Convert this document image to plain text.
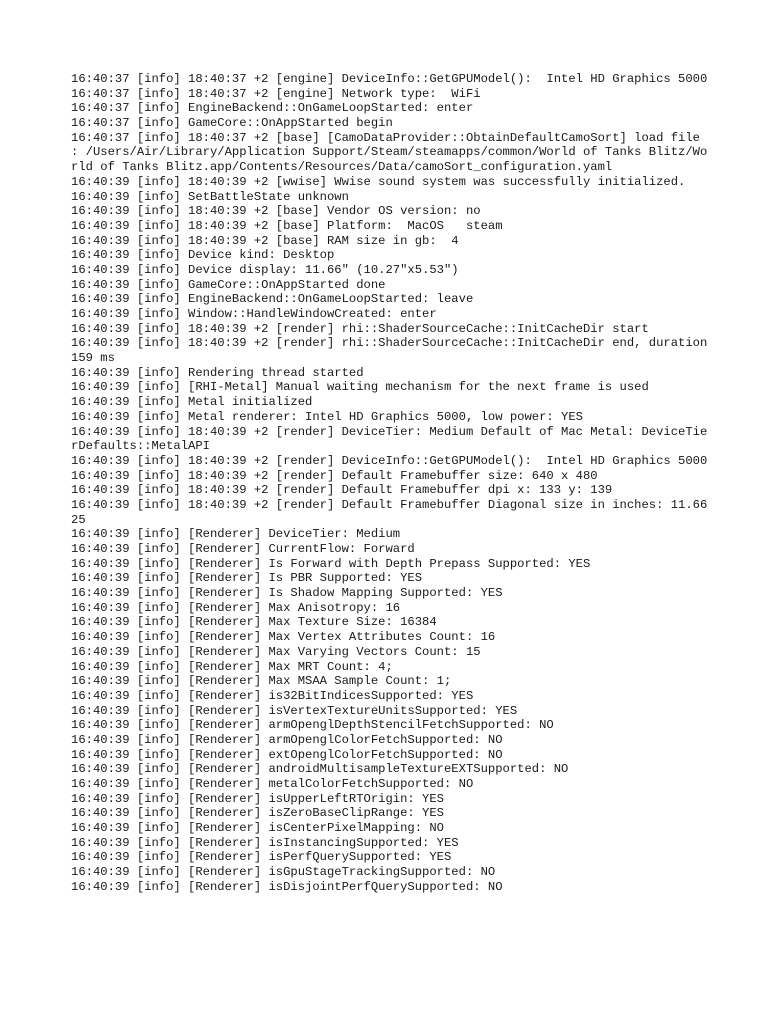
16:40:37 [info] 18:40:37 +2 [engine] DeviceInfo::GetGPUModel():  Intel HD Graphics 5000
16:40:37 [info] 18:40:37 +2 [engine] Network type:  WiFi
16:40:37 [info] EngineBackend::OnGameLoopStarted: enter
16:40:37 [info] GameCore::OnAppStarted begin
16:40:37 [info] 18:40:37 +2 [base] [CamoDataProvider::ObtainDefaultCamoSort] load file : /Users/Air/Library/Application Support/Steam/steamapps/common/World of Tanks Blitz/World of Tanks Blitz.app/Contents/Resources/Data/camoSort_configuration.yaml
16:40:39 [info] 18:40:39 +2 [wwise] Wwise sound system was successfully initialized.
16:40:39 [info] SetBattleState unknown
16:40:39 [info] 18:40:39 +2 [base] Vendor OS version: no
16:40:39 [info] 18:40:39 +2 [base] Platform:  MacOS   steam
16:40:39 [info] 18:40:39 +2 [base] RAM size in gb:  4
16:40:39 [info] Device kind: Desktop
16:40:39 [info] Device display: 11.66" (10.27"x5.53")
16:40:39 [info] GameCore::OnAppStarted done
16:40:39 [info] EngineBackend::OnGameLoopStarted: leave
16:40:39 [info] Window::HandleWindowCreated: enter
16:40:39 [info] 18:40:39 +2 [render] rhi::ShaderSourceCache::InitCacheDir start
16:40:39 [info] 18:40:39 +2 [render] rhi::ShaderSourceCache::InitCacheDir end, duration 159 ms
16:40:39 [info] Rendering thread started
16:40:39 [info] [RHI-Metal] Manual waiting mechanism for the next frame is used
16:40:39 [info] Metal initialized
16:40:39 [info] Metal renderer: Intel HD Graphics 5000, low power: YES
16:40:39 [info] 18:40:39 +2 [render] DeviceTier: Medium Default of Mac Metal: DeviceTierDefaults::MetalAPI
16:40:39 [info] 18:40:39 +2 [render] DeviceInfo::GetGPUModel():  Intel HD Graphics 5000
16:40:39 [info] 18:40:39 +2 [render] Default Framebuffer size: 640 x 480
16:40:39 [info] 18:40:39 +2 [render] Default Framebuffer dpi x: 133 y: 139
16:40:39 [info] 18:40:39 +2 [render] Default Framebuffer Diagonal size in inches: 11.6625
16:40:39 [info] [Renderer] DeviceTier: Medium
16:40:39 [info] [Renderer] CurrentFlow: Forward
16:40:39 [info] [Renderer] Is Forward with Depth Prepass Supported: YES
16:40:39 [info] [Renderer] Is PBR Supported: YES
16:40:39 [info] [Renderer] Is Shadow Mapping Supported: YES
16:40:39 [info] [Renderer] Max Anisotropy: 16
16:40:39 [info] [Renderer] Max Texture Size: 16384
16:40:39 [info] [Renderer] Max Vertex Attributes Count: 16
16:40:39 [info] [Renderer] Max Varying Vectors Count: 15
16:40:39 [info] [Renderer] Max MRT Count: 4;
16:40:39 [info] [Renderer] Max MSAA Sample Count: 1;
16:40:39 [info] [Renderer] is32BitIndicesSupported: YES
16:40:39 [info] [Renderer] isVertexTextureUnitsSupported: YES
16:40:39 [info] [Renderer] armOpenglDepthStencilFetchSupported: NO
16:40:39 [info] [Renderer] armOpenglColorFetchSupported: NO
16:40:39 [info] [Renderer] extOpenglColorFetchSupported: NO
16:40:39 [info] [Renderer] androidMultisampleTextureEXTSupported: NO
16:40:39 [info] [Renderer] metalColorFetchSupported: NO
16:40:39 [info] [Renderer] isUpperLeftRTOrigin: YES
16:40:39 [info] [Renderer] isZeroBaseClipRange: YES
16:40:39 [info] [Renderer] isCenterPixelMapping: NO
16:40:39 [info] [Renderer] isInstancingSupported: YES
16:40:39 [info] [Renderer] isPerfQuerySupported: YES
16:40:39 [info] [Renderer] isGpuStageTrackingSupported: NO
16:40:39 [info] [Renderer] isDisjointPerfQuerySupported: NO
